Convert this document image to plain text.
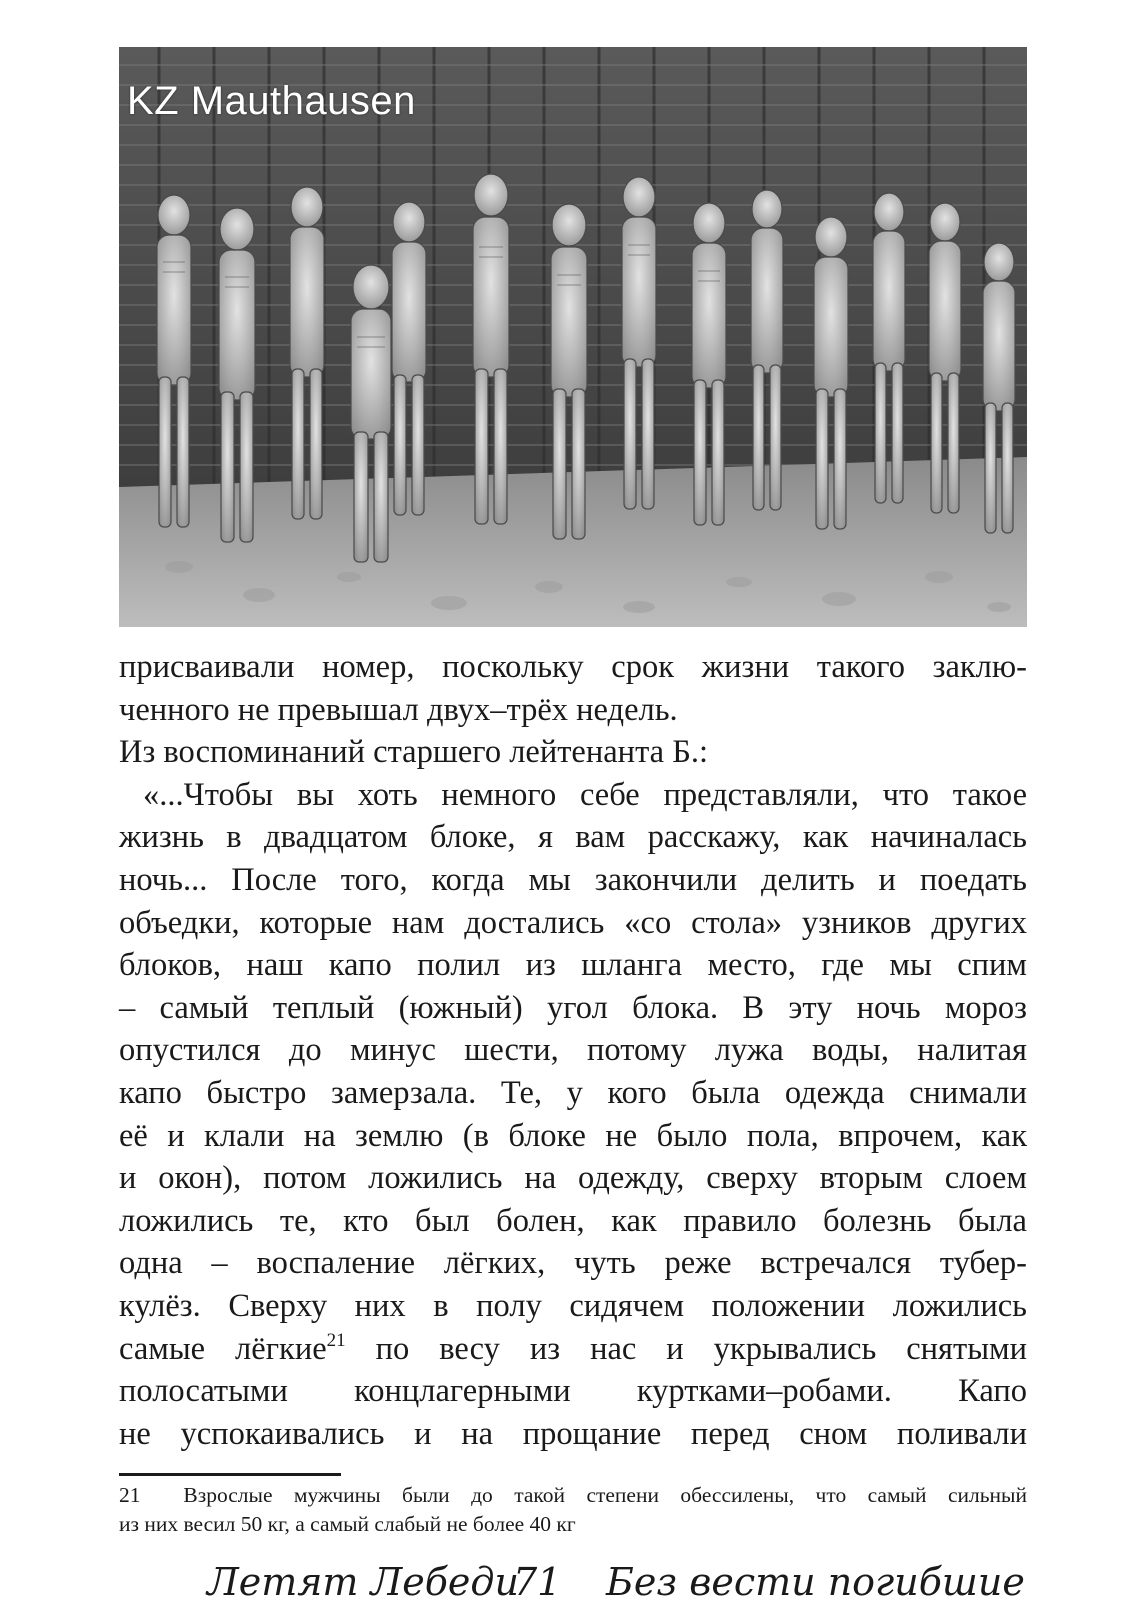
KZ Mauthausen
присваивали номер, поскольку срок жизни такого заклю-
ченного не превышал двух–трёх недель.
Из воспоминаний старшего лейтенанта Б.:
«...Чтобы вы хоть немного себе представляли, что такое
жизнь в двадцатом блоке, я вам расскажу, как начиналась
ночь... После того, когда мы закончили делить и поедать
объедки, которые нам достались «со стола» узников других
блоков, наш капо полил из шланга место, где мы спим
– самый теплый (южный) угол блока. В эту ночь мороз
опустился до минус шести, потому лужа воды, налитая
капо быстро замерзала. Те, у кого была одежда снимали
её и клали на землю (в блоке не было пола, впрочем, как
и окон), потом ложились на одежду, сверху вторым слоем
ложились те, кто был болен, как правило болезнь была
одна – воспаление лёгких, чуть реже встречался тубер-
кулёз. Сверху них в полу сидячем положении ложились
самые лёгкие$^{21}$ по весу из нас и укрывались снятыми
полосатыми концлагерными куртками–робами. Капо
не успокаивались и на прощание перед сном поливали
21 Взрослые мужчины были до такой степени обессилены, что самый сильный
из них весил 50 кг, а самый слабый не более 40 кг
Летят Лебеди
71 Без вести погибшие
